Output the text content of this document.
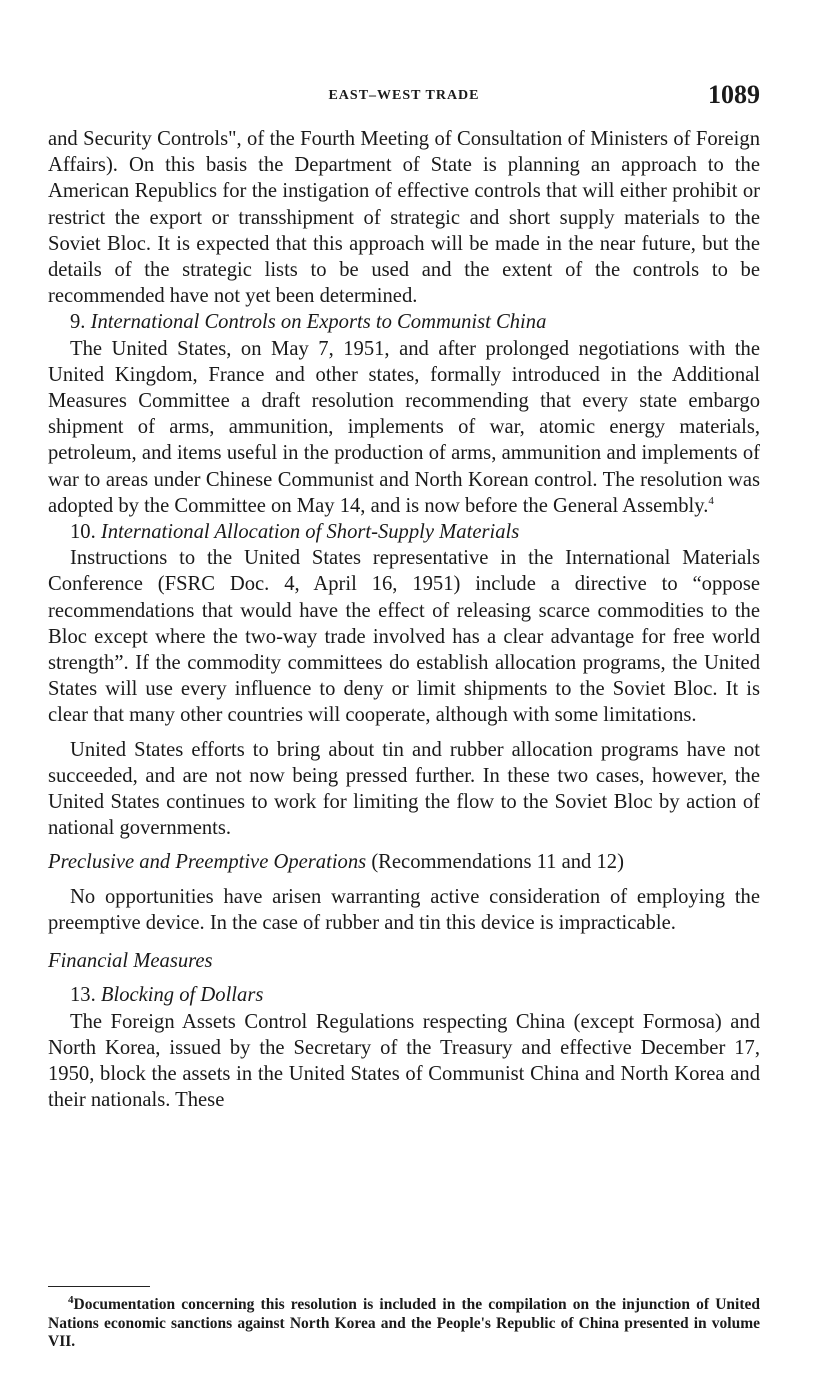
EAST–WEST TRADE	1089

and Security Controls", of the Fourth Meeting of Consultation of Ministers of Foreign Affairs). On this basis the Department of State is planning an approach to the American Republics for the instigation of effective controls that will either prohibit or restrict the export or transshipment of strategic and short supply materials to the Soviet Bloc. It is expected that this approach will be made in the near future, but the details of the strategic lists to be used and the extent of the controls to be recommended have not yet been determined.

9. International Controls on Exports to Communist China

The United States, on May 7, 1951, and after prolonged negotiations with the United Kingdom, France and other states, formally introduced in the Additional Measures Committee a draft resolution recommending that every state embargo shipment of arms, ammunition, implements of war, atomic energy materials, petroleum, and items useful in the production of arms, ammunition and implements of war to areas under Chinese Communist and North Korean control. The resolution was adopted by the Committee on May 14, and is now before the General Assembly.$^4$

10. International Allocation of Short-Supply Materials

Instructions to the United States representative in the International Materials Conference (FSRC Doc. 4, April 16, 1951) include a directive to “oppose recommendations that would have the effect of releasing scarce commodities to the Bloc except where the two-way trade involved has a clear advantage for free world strength”. If the commodity committees do establish allocation programs, the United States will use every influence to deny or limit shipments to the Soviet Bloc. It is clear that many other countries will cooperate, although with some limitations.

United States efforts to bring about tin and rubber allocation programs have not succeeded, and are not now being pressed further. In these two cases, however, the United States continues to work for limiting the flow to the Soviet Bloc by action of national governments.

Preclusive and Preemptive Operations (Recommendations 11 and 12)

No opportunities have arisen warranting active consideration of employing the preemptive device. In the case of rubber and tin this device is impracticable.

Financial Measures

13. Blocking of Dollars

The Foreign Assets Control Regulations respecting China (except Formosa) and North Korea, issued by the Secretary of the Treasury and effective December 17, 1950, block the assets in the United States of Communist China and North Korea and their nationals. These

$^4$Documentation concerning this resolution is included in the compilation on the injunction of United Nations economic sanctions against North Korea and the People's Republic of China presented in volume VII.
